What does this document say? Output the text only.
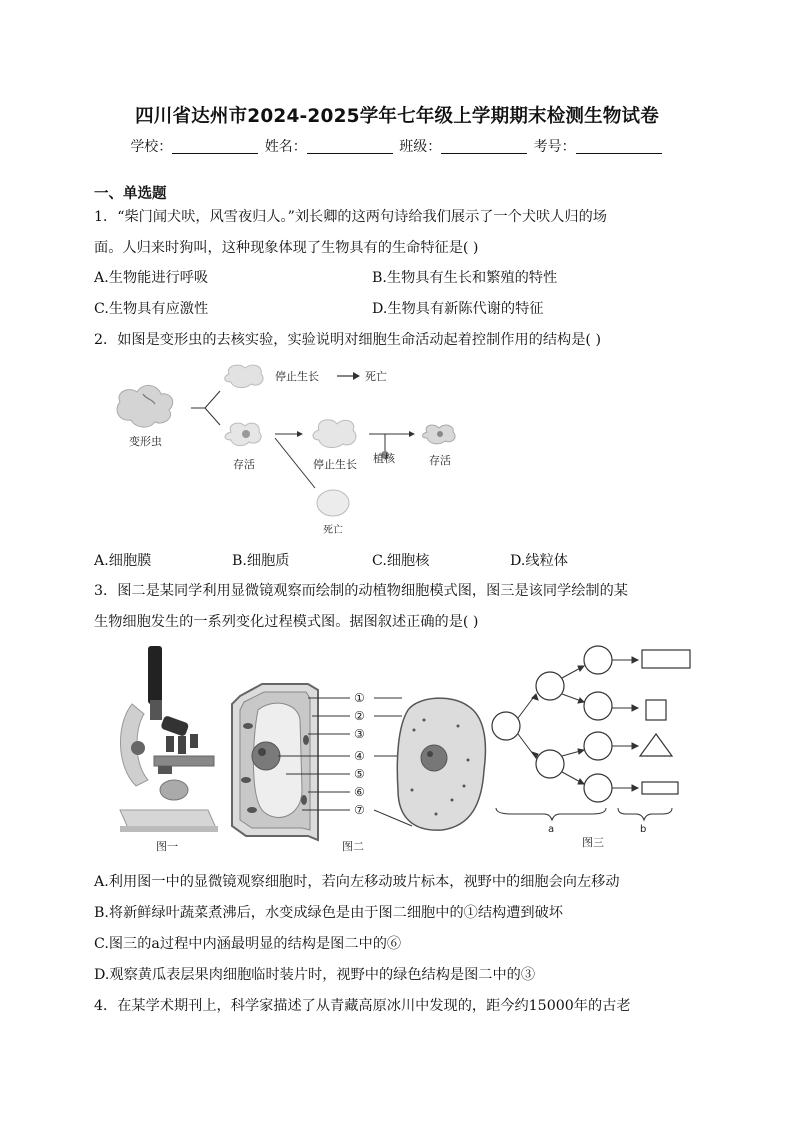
四川省达州市2024-2025学年七年级上学期期末检测生物试卷
学校：	姓名：	班级：	考号：
一、单选题
1．“柴门闻犬吠，风雪夜归人。”刘长卿的这两句诗给我们展示了一个犬吠人归的场
面。人归来时狗叫，这种现象体现了生物具有的生命特征是( )
A.生物能进行呼吸	B.生物具有生长和繁殖的特性
C.生物具有应激性	D.生物具有新陈代谢的特征
2．如图是变形虫的去核实验，实验说明对细胞生命活动起着控制作用的结构是( )
变形虫
停止生长	死亡
存活	停止生长 植核	存活
死亡
A.细胞膜	B.细胞质	C.细胞核	D.线粒体
3．图二是某同学利用显微镜观察而绘制的动植物细胞模式图，图三是该同学绘制的某
生物细胞发生的一系列变化过程模式图。据图叙述正确的是( )
图一
①
②
③
④
⑤
⑥
⑦
图二
a	b
图三
A.利用图一中的显微镜观察细胞时，若向左移动玻片标本，视野中的细胞会向左移动
B.将新鲜绿叶蔬菜煮沸后，水变成绿色是由于图二细胞中的①结构遭到破坏
C.图三的a过程中内涵最明显的结构是图二中的⑥
D.观察黄瓜表层果肉细胞临时装片时，视野中的绿色结构是图二中的③
4．在某学术期刊上，科学家描述了从青藏高原冰川中发现的，距今约15000年的古老
